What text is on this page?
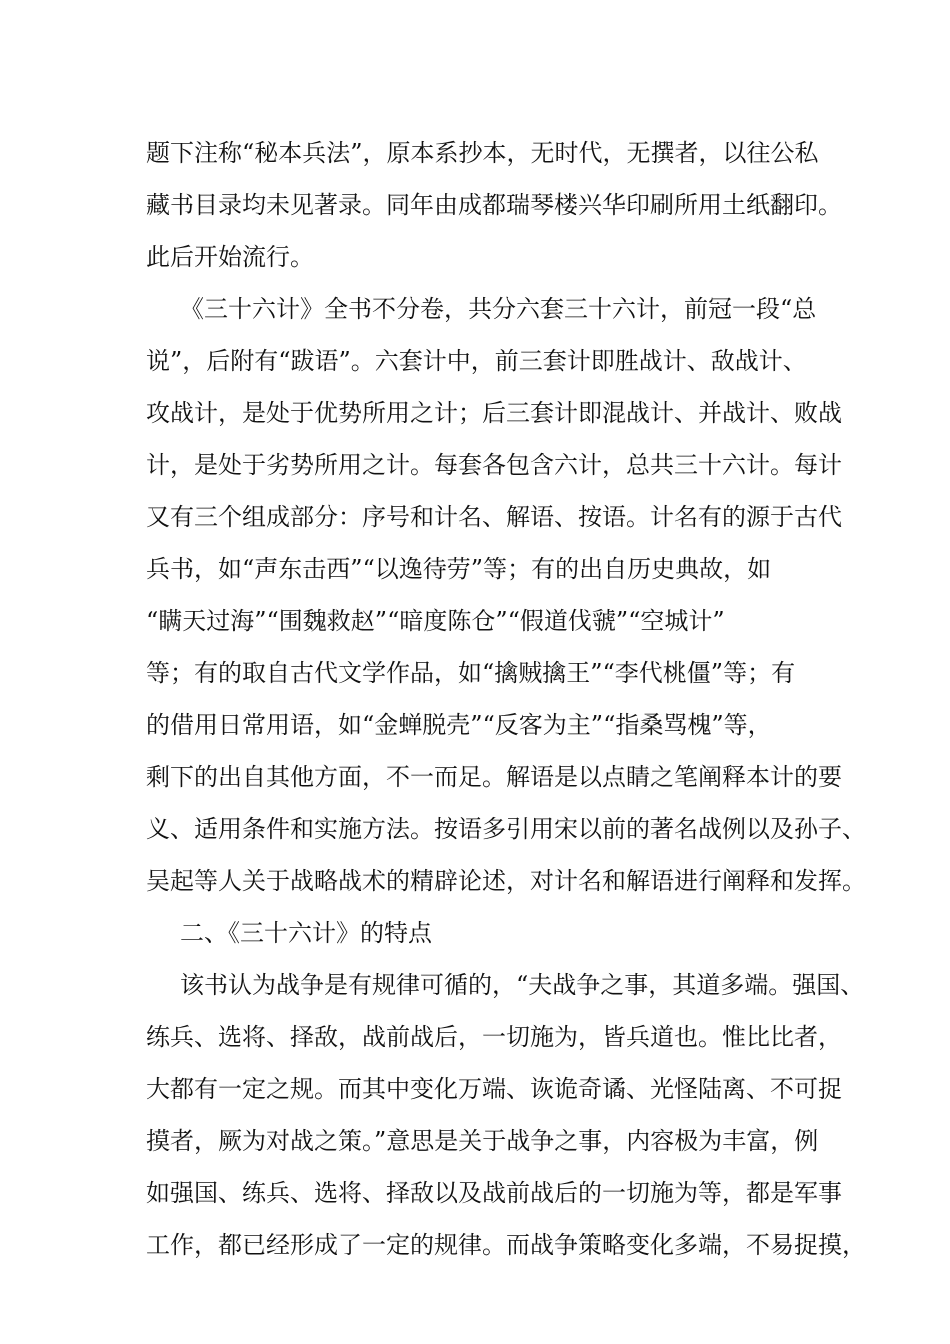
题下注称“秘本兵法”，原本系抄本，无时代，无撰者，以往公私
藏书目录均未见著录。同年由成都瑞琴楼兴华印刷所用土纸翻印。
此后开始流行。
《三十六计》全书不分卷，共分六套三十六计，前冠一段“总
说”，后附有“跋语”。六套计中，前三套计即胜战计、敌战计、
攻战计，是处于优势所用之计；后三套计即混战计、并战计、败战
计，是处于劣势所用之计。每套各包含六计，总共三十六计。每计
又有三个组成部分：序号和计名、解语、按语。计名有的源于古代
兵书，如“声东击西”“以逸待劳”等；有的出自历史典故，如
“瞒天过海”“围魏救赵”“暗度陈仓”“假道伐虢”“空城计”
等；有的取自古代文学作品，如“擒贼擒王”“李代桃僵”等；有
的借用日常用语，如“金蝉脱壳”“反客为主”“指桑骂槐”等，
剩下的出自其他方面，不一而足。解语是以点睛之笔阐释本计的要
义、适用条件和实施方法。按语多引用宋以前的著名战例以及孙子、
吴起等人关于战略战术的精辟论述，对计名和解语进行阐释和发挥。
二、《三十六计》的特点
该书认为战争是有规律可循的，“夫战争之事，其道多端。强国、
练兵、选将、择敌，战前战后，一切施为，皆兵道也。惟比比者，
大都有一定之规。而其中变化万端、诙诡奇谲、光怪陆离、不可捉
摸者，厥为对战之策。”意思是关于战争之事，内容极为丰富，例
如强国、练兵、选将、择敌以及战前战后的一切施为等，都是军事
工作，都已经形成了一定的规律。而战争策略变化多端，不易捉摸，
